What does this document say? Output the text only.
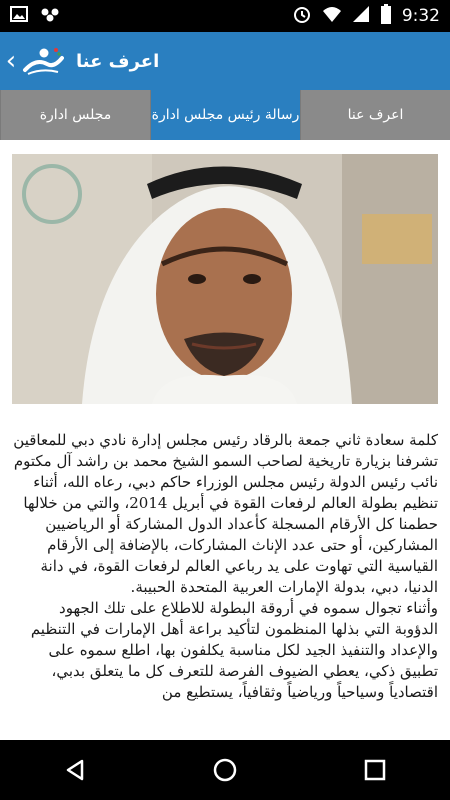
9:32
‹	اعرف عنا
اعرف عنا
رسالة رئيس مجلس ادارة
مجلس ادارة

كلمة سعادة ثاني جمعة بالرقاد رئيس مجلس إدارة نادي دبي للمعاقين

تشرفنا بزيارة تاريخية لصاحب السمو الشيخ محمد بن راشد آل مكتوم نائب رئيس الدولة رئيس مجلس الوزراء حاكم دبي، رعاه الله، أثناء تنظيم بطولة العالم لرفعات القوة في أبريل 2014، والتي من خلالها حطمنا كل الأرقام المسجلة كأعداد الدول المشاركة أو الرياضيين المشاركين، أو حتى عدد الإناث المشاركات، بالإضافة إلى الأرقام القياسية التي تهاوت على يد رباعي العالم لرفعات القوة، في دانة الدنيا، دبي، بدولة الإمارات العربية المتحدة الحبيبة.

وأثناء تجوال سموه في أروقة البطولة للاطلاع على تلك الجهود الدؤوبة التي بذلها المنظمون لتأكيد براعة أهل الإمارات في التنظيم والإعداد والتنفيذ الجيد لكل مناسبة يكلفون بها، اطلع سموه على تطبيق ذكي، يعطي الضيوف الفرصة للتعرف كل ما يتعلق بدبي، اقتصادياً وسياحياً ورياضياً وثقافياً، يستطيع من
